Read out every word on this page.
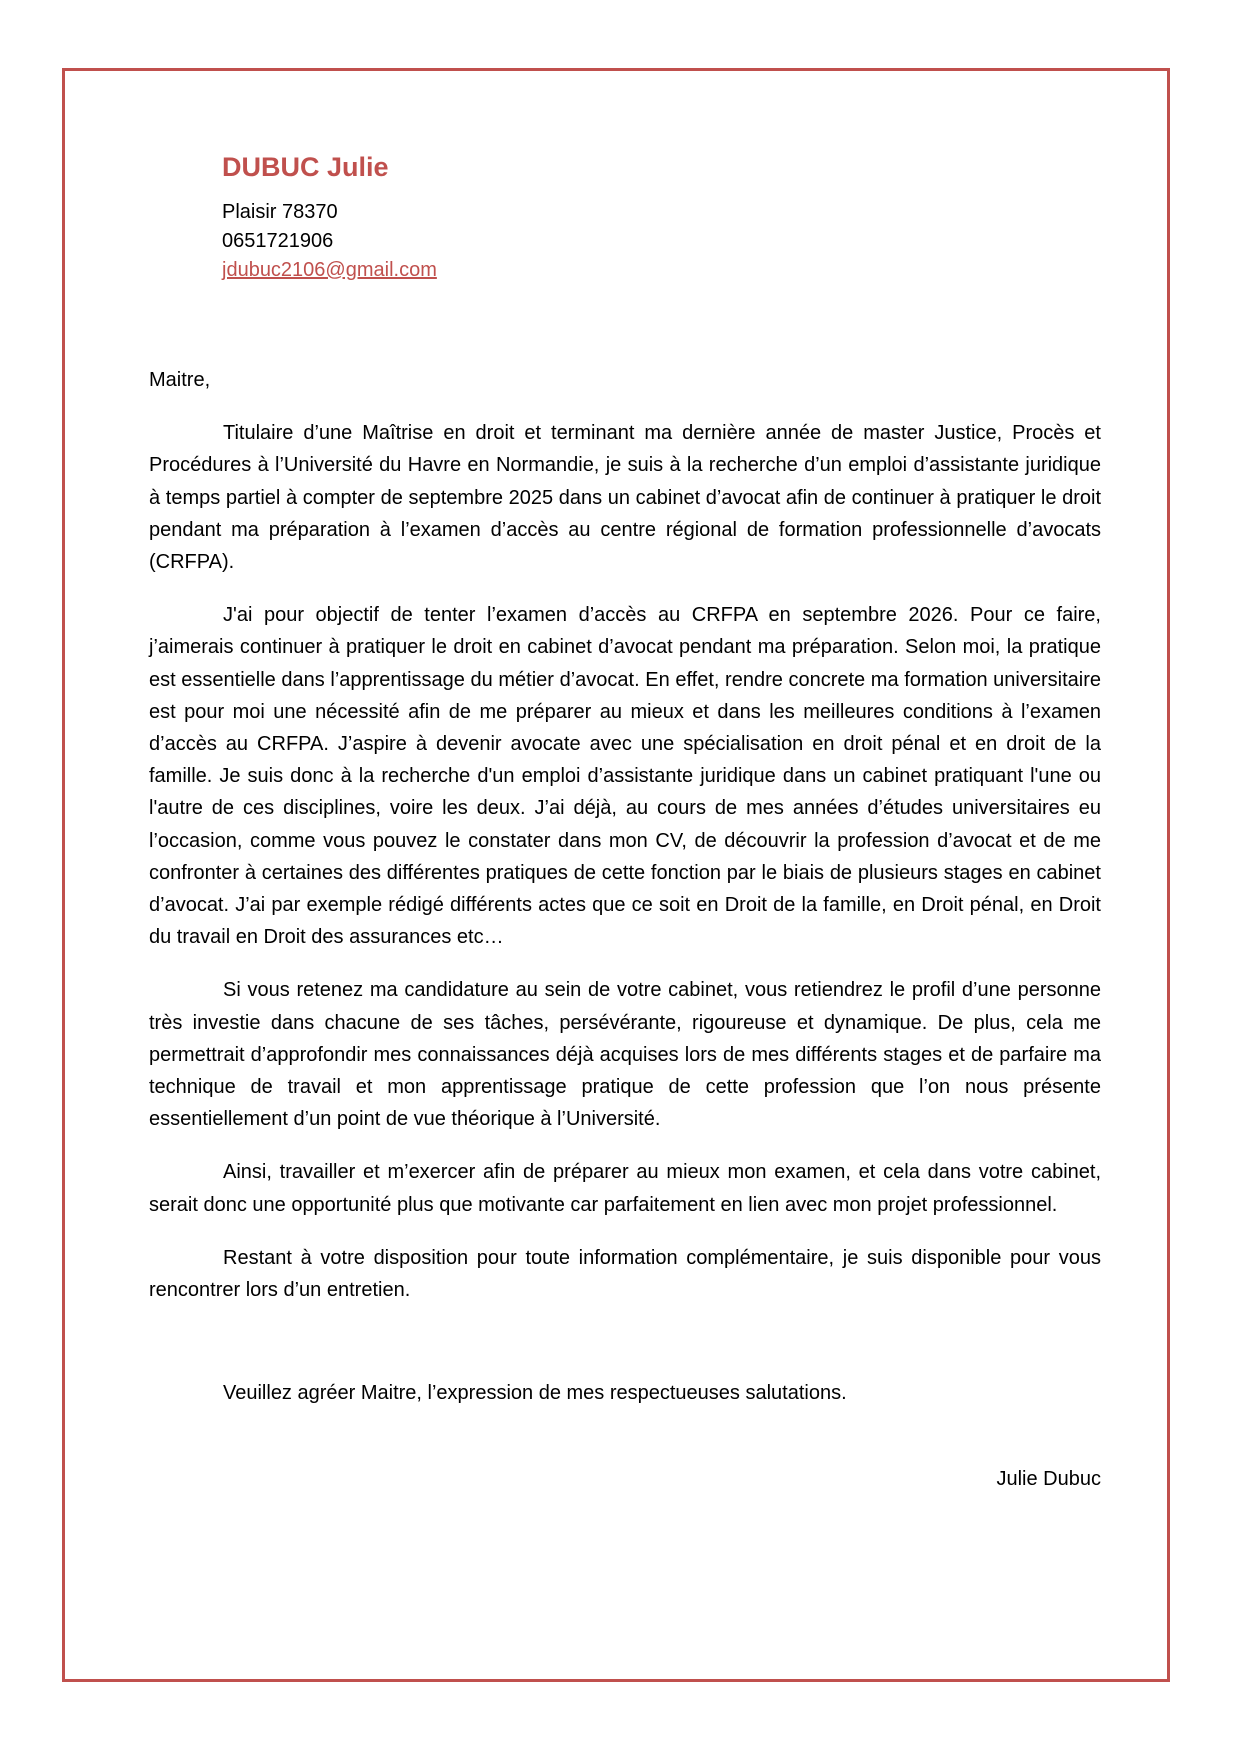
DUBUC Julie

Plaisir 78370

0651721906

jdubuc2106@gmail.com

Maitre,

Titulaire d’une Maîtrise en droit et terminant ma dernière année de master Justice, Procès et Procédures à l’Université du Havre en Normandie, je suis à la recherche d’un emploi d’assistante juridique à temps partiel à compter de septembre 2025 dans un cabinet d’avocat afin de continuer à pratiquer le droit pendant ma préparation à l’examen d’accès au centre régional de formation professionnelle d’avocats (CRFPA).

J'ai pour objectif de tenter l’examen d’accès au CRFPA en septembre 2026. Pour ce faire, j’aimerais continuer à pratiquer le droit en cabinet d’avocat pendant ma préparation. Selon moi, la pratique est essentielle dans l’apprentissage du métier d’avocat. En effet, rendre concrete ma formation universitaire est pour moi une nécessité afin de me préparer au mieux et dans les meilleures conditions à l’examen d’accès au CRFPA. J’aspire à devenir avocate avec une spécialisation en droit pénal et en droit de la famille. Je suis donc à la recherche d'un emploi d’assistante juridique dans un cabinet pratiquant l'une ou l'autre de ces disciplines, voire les deux. J’ai déjà, au cours de mes années d’études universitaires eu l’occasion, comme vous pouvez le constater dans mon CV, de découvrir la profession d’avocat et de me confronter à certaines des différentes pratiques de cette fonction par le biais de plusieurs stages en cabinet d’avocat. J’ai par exemple rédigé différents actes que ce soit en Droit de la famille, en Droit pénal, en Droit du travail en Droit des assurances etc…

Si vous retenez ma candidature au sein de votre cabinet, vous retiendrez le profil d’une personne très investie dans chacune de ses tâches, persévérante, rigoureuse et dynamique. De plus, cela me permettrait d’approfondir mes connaissances déjà acquises lors de mes différents stages et de parfaire ma technique de travail et mon apprentissage pratique de cette profession que l’on nous présente essentiellement d’un point de vue théorique à l’Université.

Ainsi, travailler et m’exercer afin de préparer au mieux mon examen, et cela dans votre cabinet, serait donc une opportunité plus que motivante car parfaitement en lien avec mon projet professionnel.

Restant à votre disposition pour toute information complémentaire, je suis disponible pour vous rencontrer lors d’un entretien.

Veuillez agréer Maitre, l’expression de mes respectueuses salutations.

Julie Dubuc
